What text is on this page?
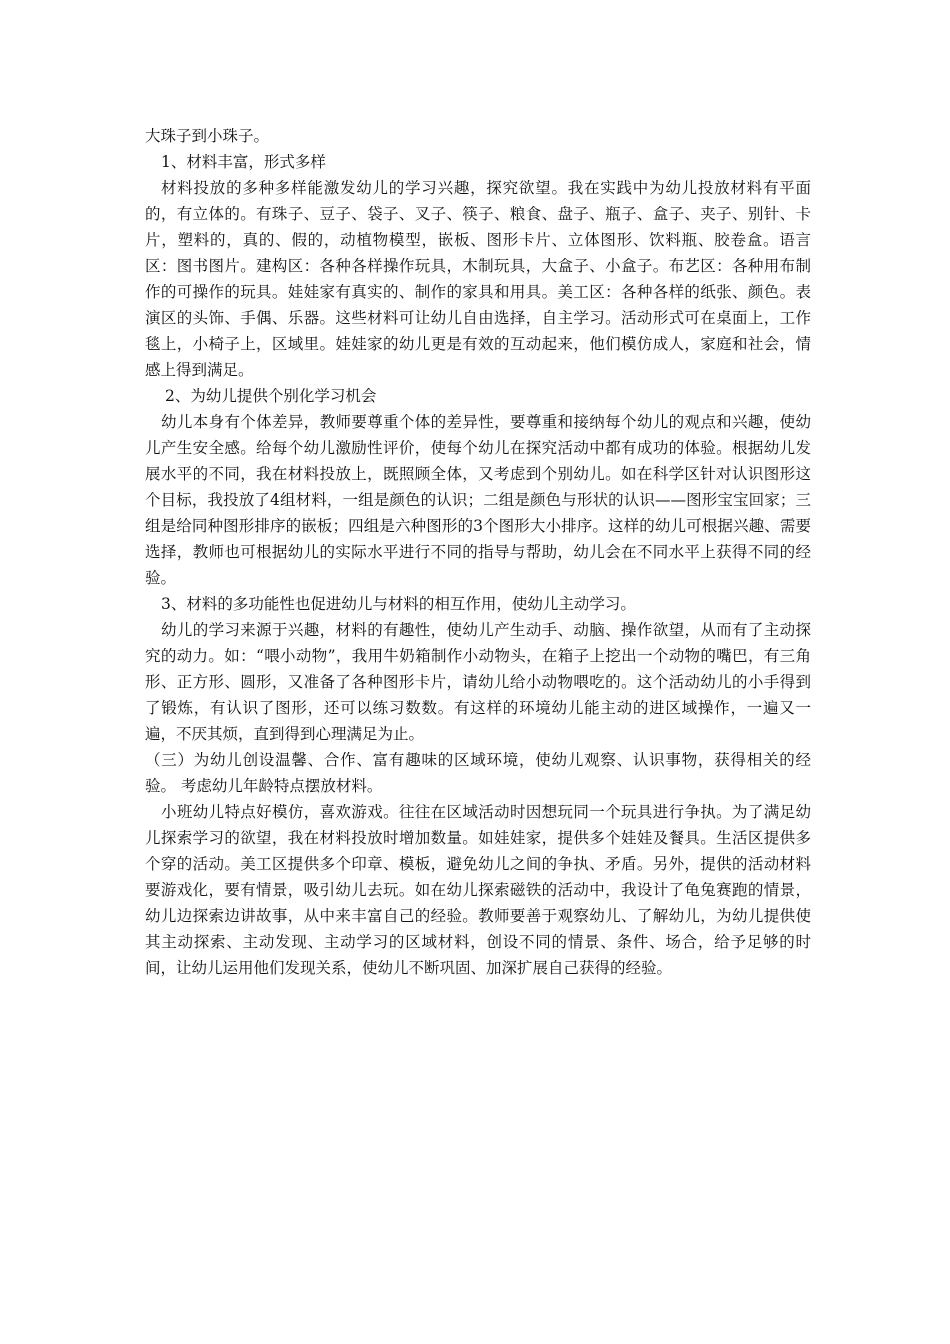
大珠子到小珠子。

1、材料丰富，形式多样

材料投放的多种多样能激发幼儿的学习兴趣，探究欲望。我在实践中为幼儿投放材料有平面的，有立体的。有珠子、豆子、袋子、叉子、筷子、粮食、盘子、瓶子、盒子、夹子、别针、卡片，塑料的，真的、假的，动植物模型，嵌板、图形卡片、立体图形、饮料瓶、胶卷盒。语言区：图书图片。建构区：各种各样操作玩具，木制玩具，大盒子、小盒子。布艺区：各种用布制作的可操作的玩具。娃娃家有真实的、制作的家具和用具。美工区：各种各样的纸张、颜色。表演区的头饰、手偶、乐器。这些材料可让幼儿自由选择，自主学习。活动形式可在桌面上，工作毯上，小椅子上，区域里。娃娃家的幼儿更是有效的互动起来，他们模仿成人，家庭和社会，情感上得到满足。

2、为幼儿提供个别化学习机会

幼儿本身有个体差异，教师要尊重个体的差异性，要尊重和接纳每个幼儿的观点和兴趣，使幼儿产生安全感。给每个幼儿激励性评价，使每个幼儿在探究活动中都有成功的体验。根据幼儿发展水平的不同，我在材料投放上，既照顾全体，又考虑到个别幼儿。如在科学区针对认识图形这个目标，我投放了4组材料，一组是颜色的认识；二组是颜色与形状的认识——图形宝宝回家；三组是给同种图形排序的嵌板；四组是六种图形的3个图形大小排序。这样的幼儿可根据兴趣、需要选择，教师也可根据幼儿的实际水平进行不同的指导与帮助，幼儿会在不同水平上获得不同的经验。

3、材料的多功能性也促进幼儿与材料的相互作用，使幼儿主动学习。

幼儿的学习来源于兴趣，材料的有趣性，使幼儿产生动手、动脑、操作欲望，从而有了主动探究的动力。如：“喂小动物”，我用牛奶箱制作小动物头，在箱子上挖出一个动物的嘴巴，有三角形、正方形、圆形，又准备了各种图形卡片，请幼儿给小动物喂吃的。这个活动幼儿的小手得到了锻炼，有认识了图形，还可以练习数数。有这样的环境幼儿能主动的进区域操作，一遍又一遍，不厌其烦，直到得到心理满足为止。

（三）为幼儿创设温馨、合作、富有趣味的区域环境，使幼儿观察、认识事物，获得相关的经验。 考虑幼儿年龄特点摆放材料。

小班幼儿特点好模仿，喜欢游戏。往往在区域活动时因想玩同一个玩具进行争执。为了满足幼儿探索学习的欲望，我在材料投放时增加数量。如娃娃家，提供多个娃娃及餐具。生活区提供多个穿的活动。美工区提供多个印章、模板，避免幼儿之间的争执、矛盾。另外，提供的活动材料要游戏化，要有情景，吸引幼儿去玩。如在幼儿探索磁铁的活动中，我设计了龟兔赛跑的情景，幼儿边探索边讲故事，从中来丰富自己的经验。教师要善于观察幼儿、了解幼儿，为幼儿提供使其主动探索、主动发现、主动学习的区域材料，创设不同的情景、条件、场合，给予足够的时间，让幼儿运用他们发现关系，使幼儿不断巩固、加深扩展自己获得的经验。
